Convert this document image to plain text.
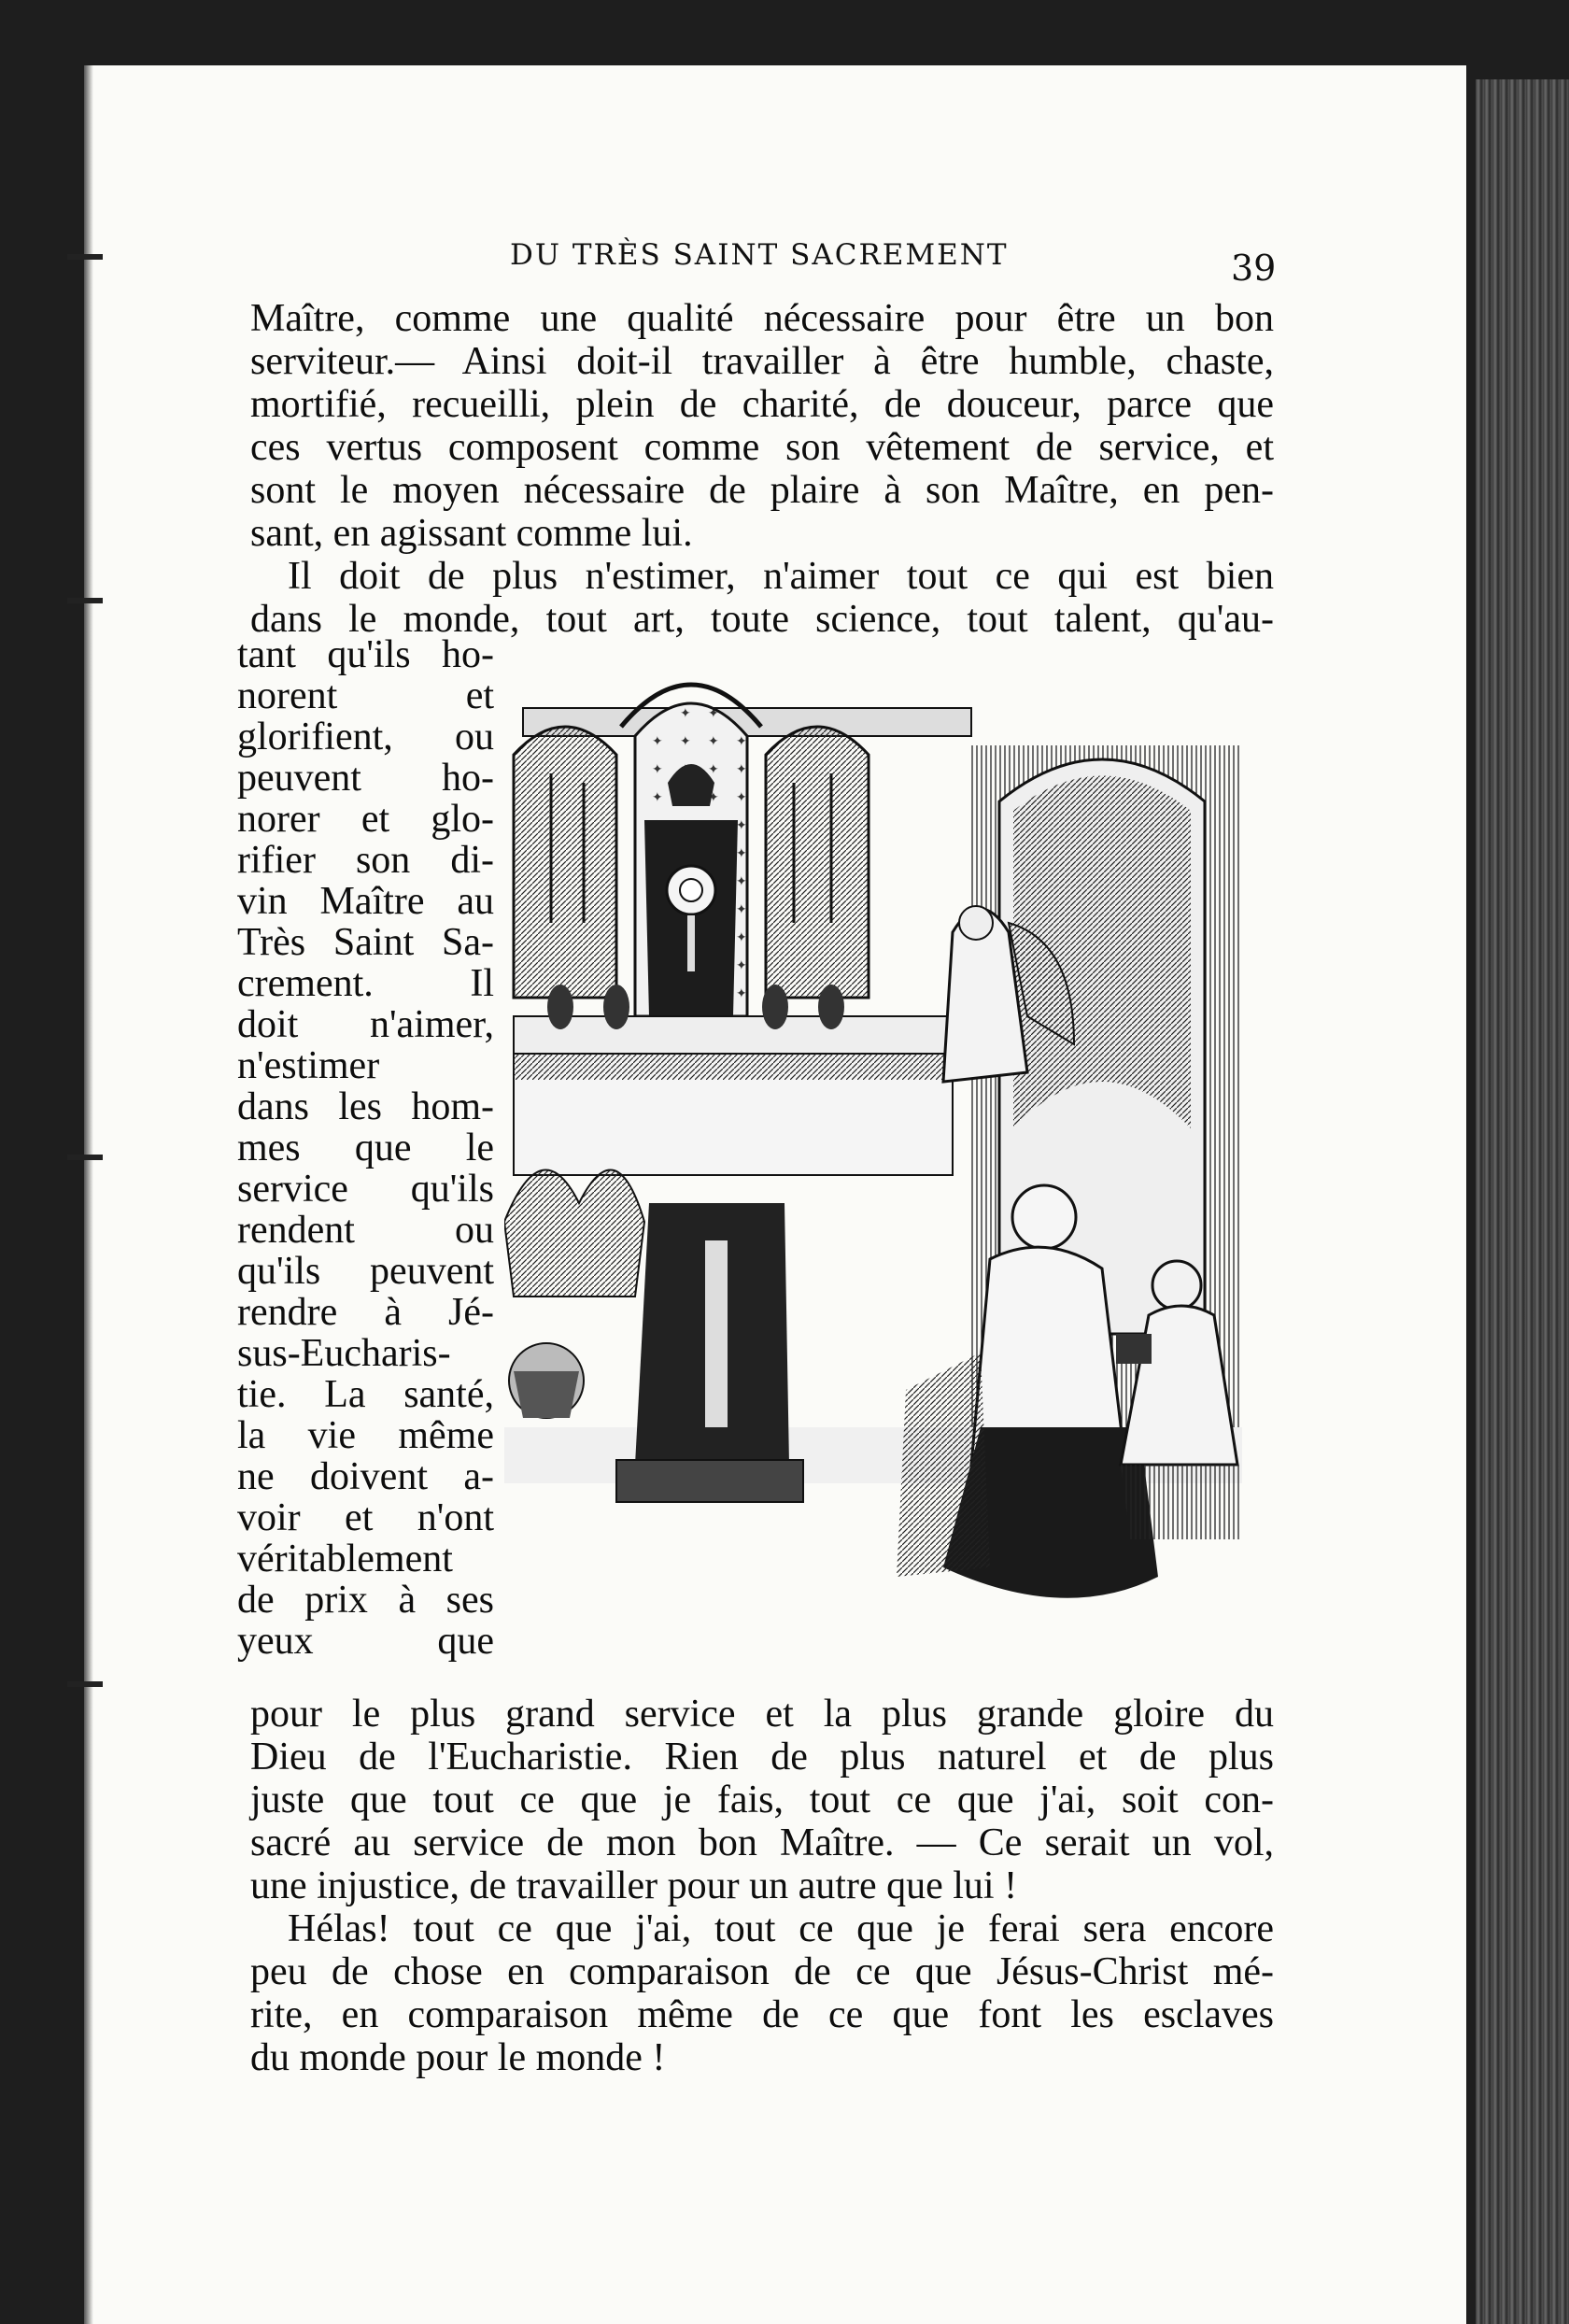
DU TRÈS SAINT SACREMENT	39
Maître, comme une qualité nécessaire pour être un bon
serviteur.— Ainsi doit-il travailler à être humble, chaste,
mortifié, recueilli, plein de charité, de douceur, parce que
ces vertus composent comme son vêtement de service, et
sont le moyen nécessaire de plaire à son Maître, en pen-
sant, en agissant comme lui.
Il doit de plus n'estimer, n'aimer tout ce qui est bien
dans le monde, tout art, toute science, tout talent, qu'au-
tant qu'ils ho-
norent et
glorifient, ou
peuvent ho-
norer et glo-
rifier son di-
vin Maître au
Très Saint Sa-
crement. Il
doit n'aimer,
n'estimer
dans les hom-
mes que le
service qu'ils
rendent ou
qu'ils peuvent
rendre à Jé-
sus-Eucharis-
tie. La santé,
la vie même
ne doivent a-
voir et n'ont
véritablement
de prix à ses
yeux que
pour le plus grand service et la plus grande gloire du
Dieu de l'Eucharistie. Rien de plus naturel et de plus
juste que tout ce que je fais, tout ce que j'ai, soit con-
sacré au service de mon bon Maître. — Ce serait un vol,
une injustice, de travailler pour un autre que lui !
Hélas! tout ce que j'ai, tout ce que je ferai sera encore
peu de chose en comparaison de ce que Jésus-Christ mé-
rite, en comparaison même de ce que font les esclaves
du monde pour le monde !
